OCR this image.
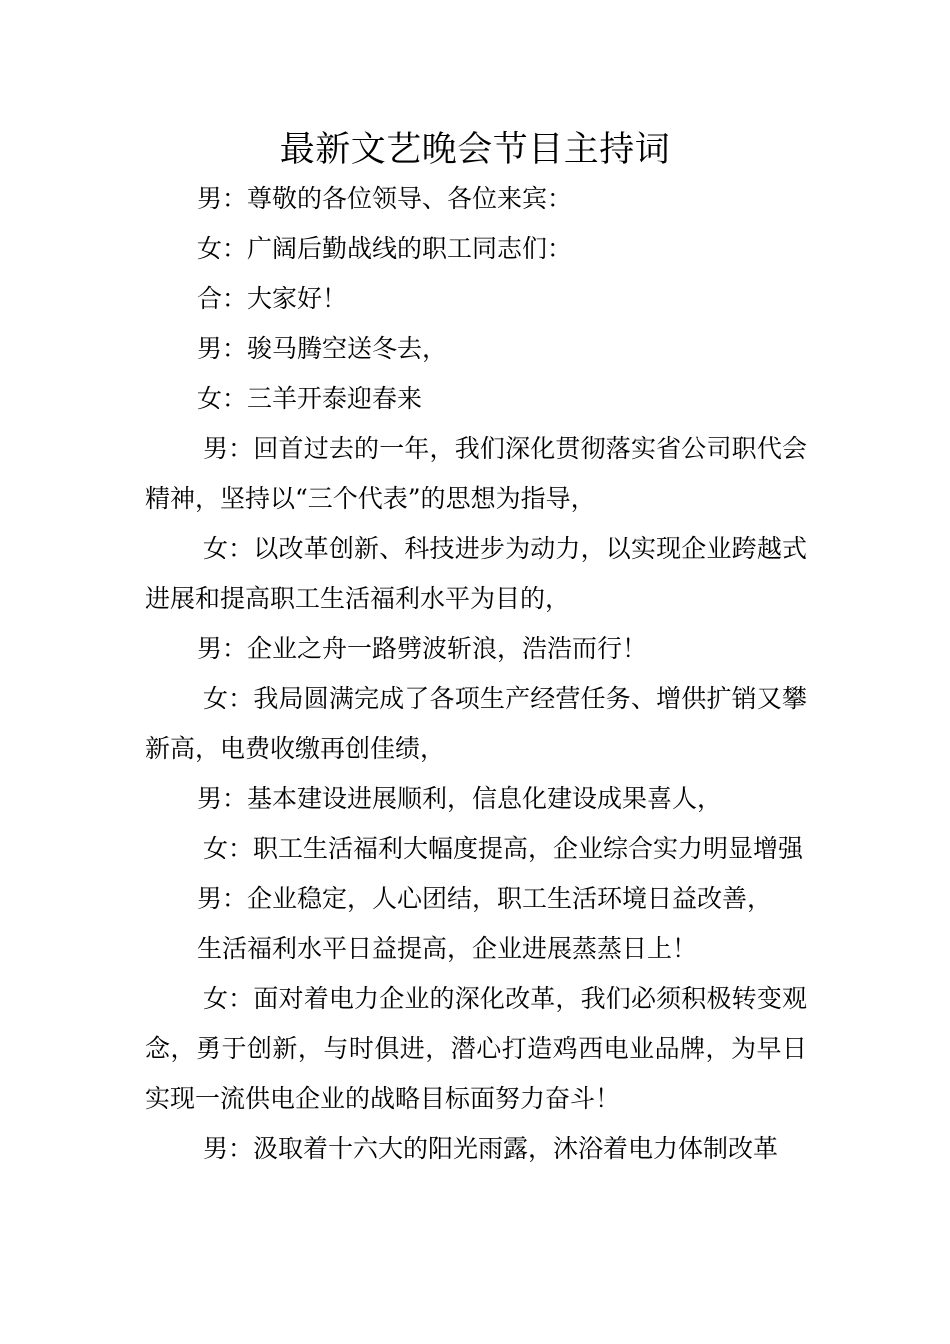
最新文艺晚会节目主持词

男：尊敬的各位领导、各位来宾：

女：广阔后勤战线的职工同志们：

合：大家好！

男：骏马腾空送冬去，

女：三羊开泰迎春来

男：回首过去的一年，我们深化贯彻落实省公司职代会精神，坚持以“三个代表”的思想为指导，

女：以改革创新、科技进步为动力，以实现企业跨越式进展和提高职工生活福利水平为目的，

男：企业之舟一路劈波斩浪，浩浩而行！

女：我局圆满完成了各项生产经营任务、增供扩销又攀新高，电费收缴再创佳绩，

男：基本建设进展顺利，信息化建设成果喜人，

女：职工生活福利大幅度提高，企业综合实力明显增强

男：企业稳定，人心团结，职工生活环境日益改善，

生活福利水平日益提高，企业进展蒸蒸日上！

女：面对着电力企业的深化改革，我们必须积极转变观念，勇于创新，与时俱进，潜心打造鸡西电业品牌，为早日实现一流供电企业的战略目标面努力奋斗！

男：汲取着十六大的阳光雨露，沐浴着电力体制改革
